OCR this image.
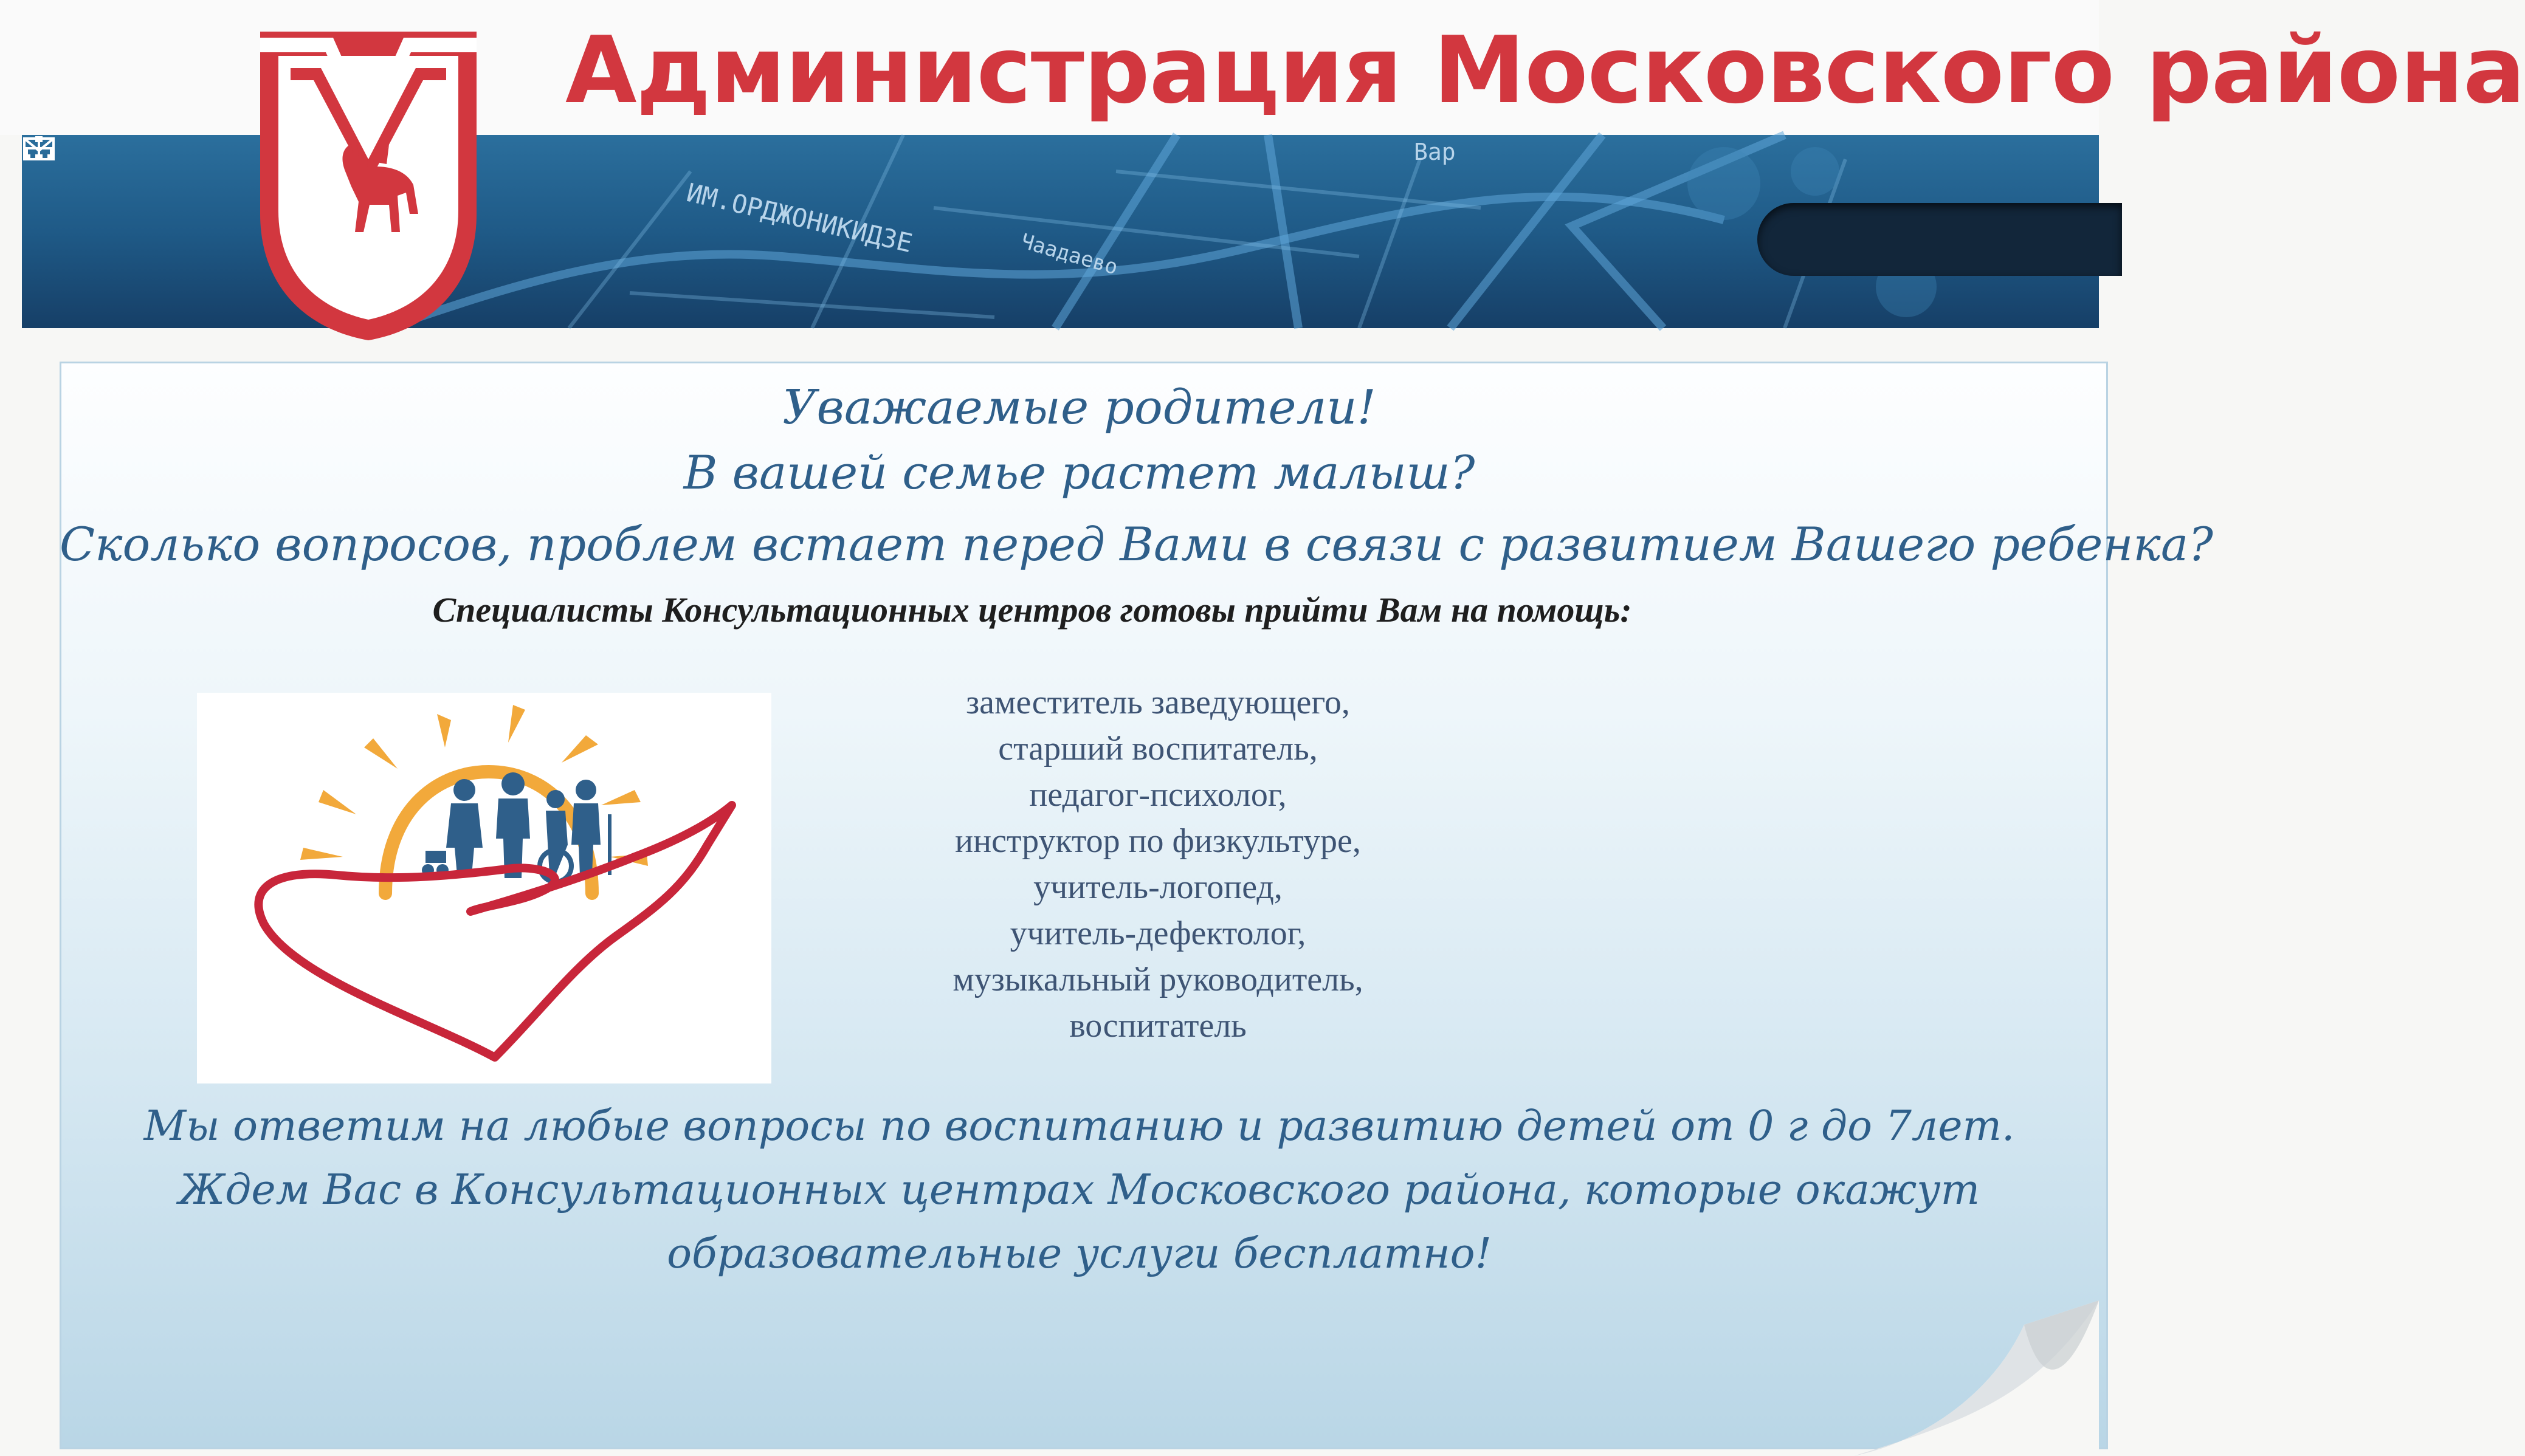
Администрация Московского района
ИМ.ОРДЖОНИКИДЗЕ	Чаадаево
Вар
Уважаемые родители!
В вашей семье растет малыш?
Сколько вопросов, проблем встает перед Вами в связи с развитием Вашего ребенка?
Специалисты Консультационных центров готовы прийти Вам на помощь:
заместитель заведующего,
старший воспитатель,
педагог-психолог,
инструктор по физкультуре,
учитель-логопед,
учитель-дефектолог,
музыкальный руководитель,
воспитатель
Мы ответим на любые вопросы по воспитанию и развитию детей от 0 г до 7лет.
Ждем Вас в Консультационных центрах Московского района, которые окажут
образовательные услуги бесплатно!
